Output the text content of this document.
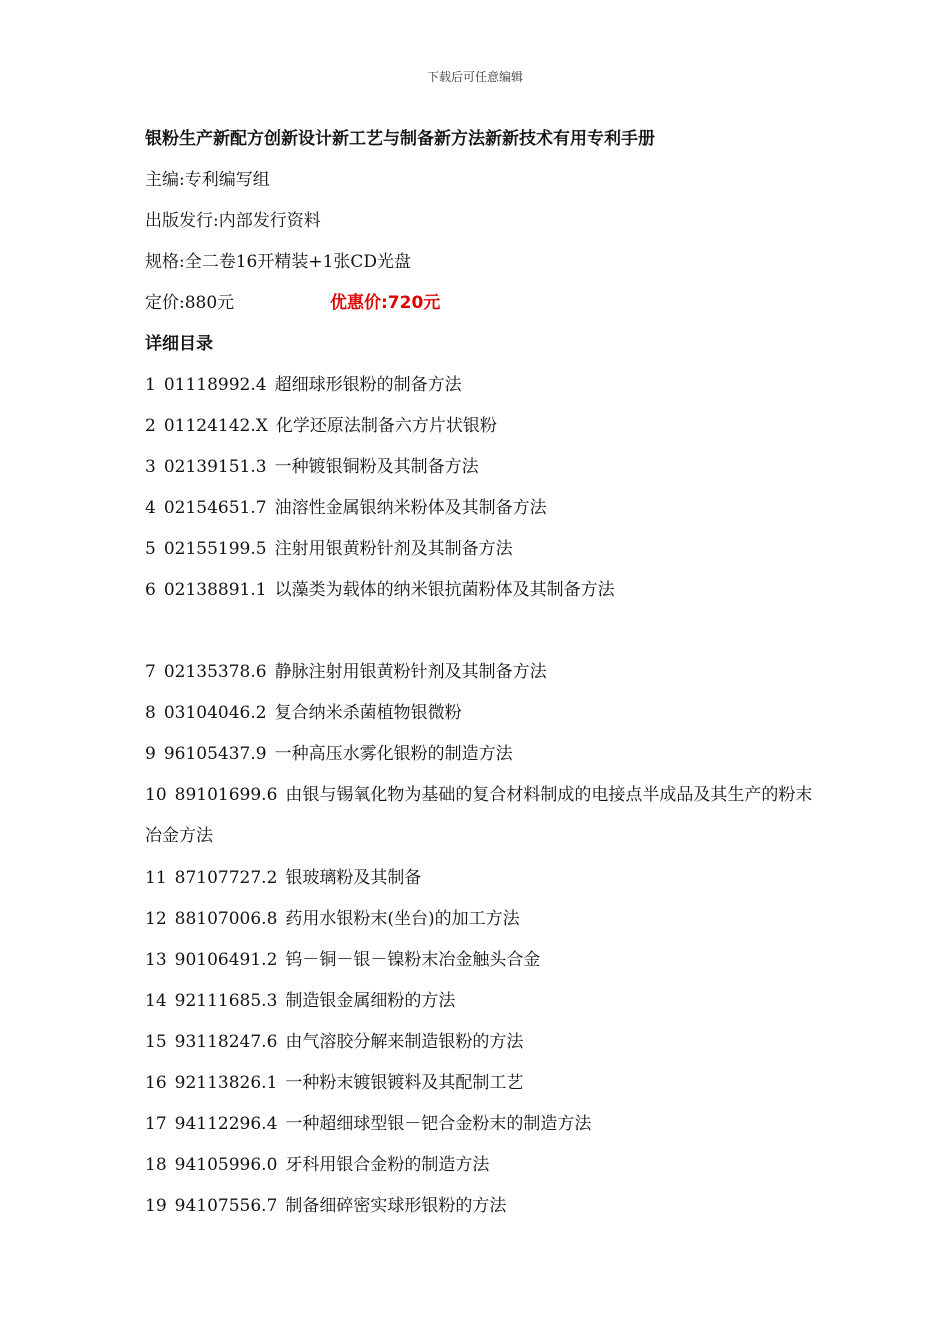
下载后可任意编辑
银粉生产新配方创新设计新工艺与制备新方法新新技术有用专利手册
主编:专利编写组
出版发行:内部发行资料
规格:全二卷16开精装+1张CD光盘
定价:880元	优惠价:720元
详细目录
1 01118992.4 超细球形银粉的制备方法
2 01124142.X 化学还原法制备六方片状银粉
3 02139151.3 一种镀银铜粉及其制备方法
4 02154651.7 油溶性金属银纳米粉体及其制备方法
5 02155199.5 注射用银黄粉针剂及其制备方法
6 02138891.1 以藻类为载体的纳米银抗菌粉体及其制备方法
7 02135378.6 静脉注射用银黄粉针剂及其制备方法
8 03104046.2 复合纳米杀菌植物银微粉
9 96105437.9 一种高压水雾化银粉的制造方法
10 89101699.6 由银与锡氧化物为基础的复合材料制成的电接点半成品及其生产的粉末冶金方法
11 87107727.2 银玻璃粉及其制备
12 88107006.8 药用水银粉末(坐台)的加工方法
13 90106491.2 钨－铜－银－镍粉末冶金触头合金
14 92111685.3 制造银金属细粉的方法
15 93118247.6 由气溶胶分解来制造银粉的方法
16 92113826.1 一种粉末镀银镀料及其配制工艺
17 94112296.4 一种超细球型银－钯合金粉末的制造方法
18 94105996.0 牙科用银合金粉的制造方法
19 94107556.7 制备细碎密实球形银粉的方法
